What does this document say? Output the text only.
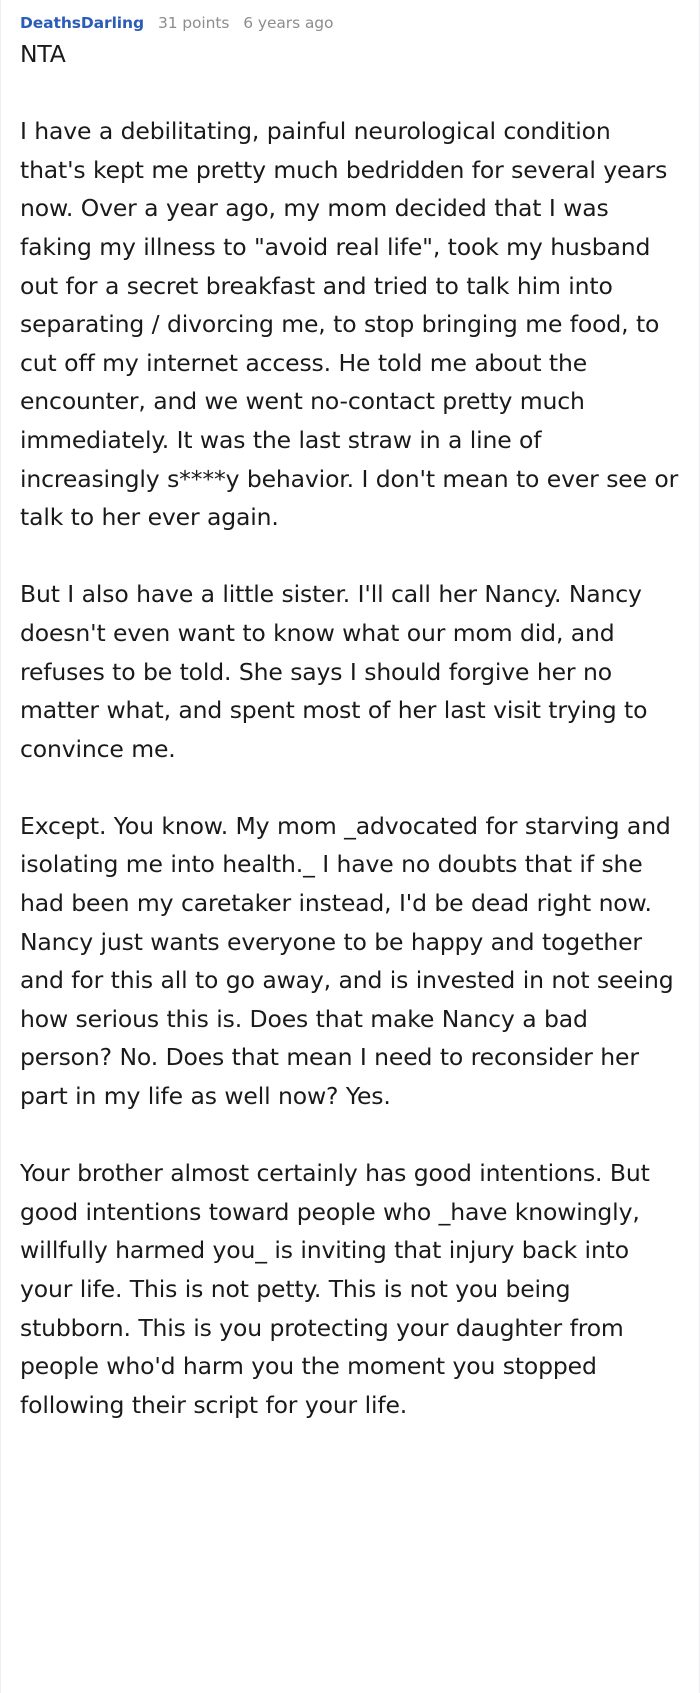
DeathsDarling 31 points 6 years ago

NTA

I have a debilitating, painful neurological condition that's kept me pretty much bedridden for several years now. Over a year ago, my mom decided that I was faking my illness to "avoid real life", took my husband out for a secret breakfast and tried to talk him into separating / divorcing me, to stop bringing me food, to cut off my internet access. He told me about the encounter, and we went no-contact pretty much immediately. It was the last straw in a line of increasingly s****y behavior. I don't mean to ever see or talk to her ever again.

But I also have a little sister. I'll call her Nancy. Nancy doesn't even want to know what our mom did, and refuses to be told. She says I should forgive her no matter what, and spent most of her last visit trying to convince me.

Except. You know. My mom _advocated for starving and isolating me into health._ I have no doubts that if she had been my caretaker instead, I'd be dead right now. Nancy just wants everyone to be happy and together and for this all to go away, and is invested in not seeing how serious this is. Does that make Nancy a bad person? No. Does that mean I need to reconsider her part in my life as well now? Yes.

Your brother almost certainly has good intentions. But good intentions toward people who _have knowingly, willfully harmed you_ is inviting that injury back into your life. This is not petty. This is not you being stubborn. This is you protecting your daughter from people who'd harm you the moment you stopped following their script for your life.
